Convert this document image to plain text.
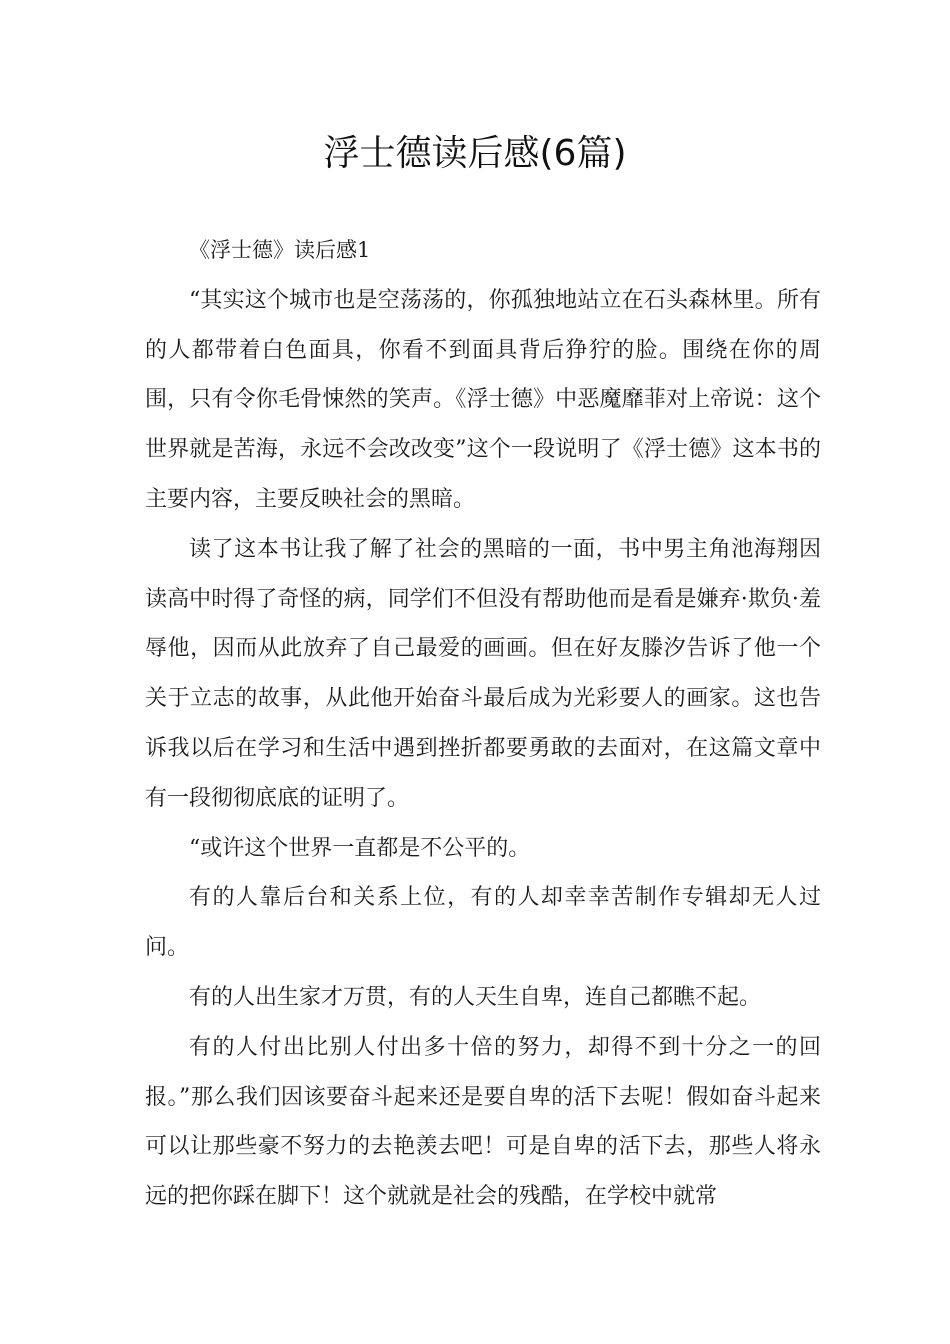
浮士德读后感(6篇)

《浮士德》读后感1

“其实这个城市也是空荡荡的，你孤独地站立在石头森林里。所有的人都带着白色面具，你看不到面具背后狰狞的脸。围绕在你的周围，只有令你毛骨悚然的笑声。《浮士德》中恶魔靡菲对上帝说：这个世界就是苦海，永远不会改改变”这个一段说明了《浮士德》这本书的主要内容，主要反映社会的黑暗。

读了这本书让我了解了社会的黑暗的一面，书中男主角池海翔因读高中时得了奇怪的病，同学们不但没有帮助他而是看是嫌弃·欺负·羞辱他，因而从此放弃了自己最爱的画画。但在好友滕汐告诉了他一个关于立志的故事，从此他开始奋斗最后成为光彩要人的画家。这也告诉我以后在学习和生活中遇到挫折都要勇敢的去面对，在这篇文章中有一段彻彻底底的证明了。

“或许这个世界一直都是不公平的。

有的人靠后台和关系上位，有的人却幸幸苦制作专辑却无人过问。

有的人出生家才万贯，有的人天生自卑，连自己都瞧不起。

有的人付出比别人付出多十倍的努力，却得不到十分之一的回报。”那么我们因该要奋斗起来还是要自卑的活下去呢！假如奋斗起来可以让那些豪不努力的去艳羡去吧！可是自卑的活下去，那些人将永远的把你踩在脚下！这个就就是社会的残酷，在学校中就常
